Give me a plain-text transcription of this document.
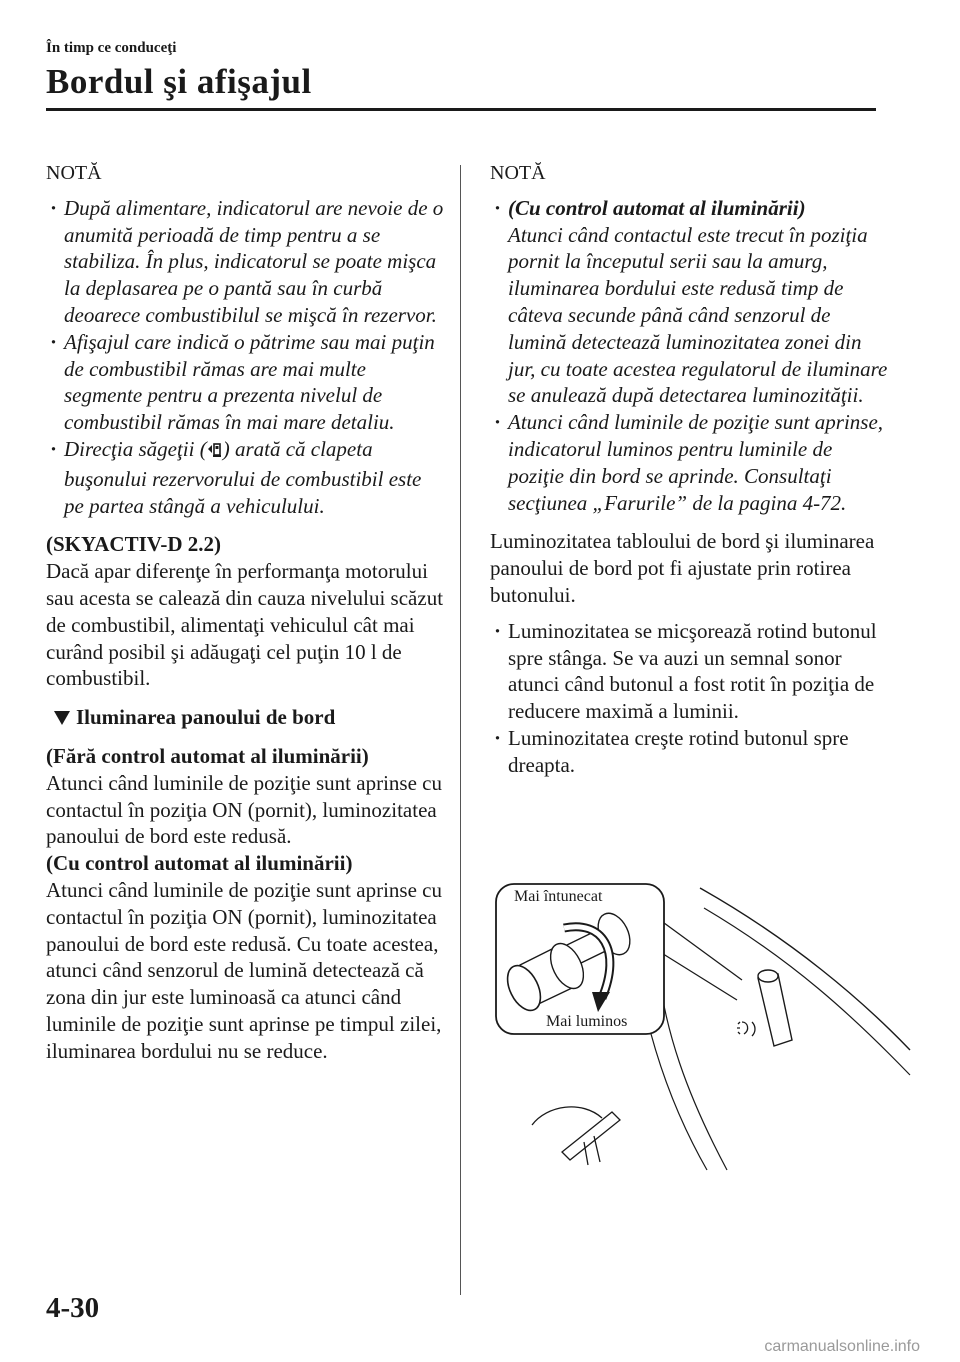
În timp ce conduceţi
Bordul şi afişajul
NOTĂ
· După alimentare, indicatorul are nevoie de o anumită perioadă de timp pentru a se stabiliza. În plus, indicatorul se poate mişca la deplasarea pe o pantă sau în curbă deoarece combustibilul se mişcă în rezervor.
· Afişajul care indică o pătrime sau mai puţin de combustibil rămas are mai multe segmente pentru a prezenta nivelul de combustibil rămas în mai mare detaliu.
· Direcţia săgeţii ( ) arată că clapeta buşonului rezervorului de combustibil este pe partea stângă a vehiculului.

(SKYACTIV-D 2.2)

Dacă apar diferenţe în performanţa motorului sau acesta se calează din cauza nivelului scăzut de combustibil, alimentaţi vehiculul cât mai curând posibil şi adăugaţi cel puţin 10 l de combustibil.

Iluminarea panoului de bord

(Fără control automat al iluminării)

Atunci când luminile de poziţie sunt aprinse cu contactul în poziţia ON (pornit), luminozitatea panoului de bord este redusă.

(Cu control automat al iluminării)

Atunci când luminile de poziţie sunt aprinse cu contactul în poziţia ON (pornit), luminozitatea panoului de bord este redusă. Cu toate acestea, atunci când senzorul de lumină detectează că zona din jur este luminoasă ca atunci când luminile de poziţie sunt aprinse pe timpul zilei, iluminarea bordului nu se reduce.

NOTĂ
· (Cu control automat al iluminării)
Atunci când contactul este trecut în poziţia pornit la începutul serii sau la amurg, iluminarea bordului este redusă timp de câteva secunde până când senzorul de lumină detectează luminozitatea zonei din jur, cu toate acestea regulatorul de iluminare se anulează după detectarea luminozităţii.
· Atunci când luminile de poziţie sunt aprinse, indicatorul luminos pentru luminile de poziţie din bord se aprinde. Consultaţi secţiunea „Farurile” de la pagina 4-72.

Luminozitatea tabloului de bord şi iluminarea panoului de bord pot fi ajustate prin rotirea butonului.

· Luminozitatea se micşorează rotind butonul spre stânga. Se va auzi un semnal sonor atunci când butonul a fost rotit în poziţia de reducere maximă a luminii.
· Luminozitatea creşte rotind butonul spre dreapta.
Mai întunecat
Mai luminos
4-30
carmanualsonline.info
